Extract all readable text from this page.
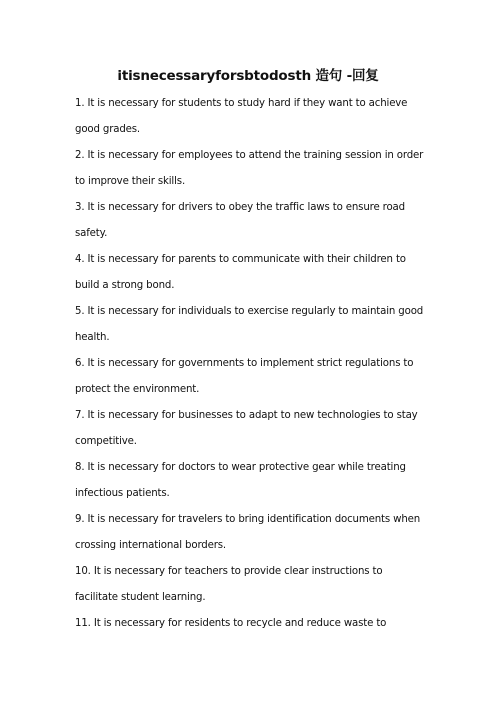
itisnecessaryforsbtodosth 造句 -回复
1. It is necessary for students to study hard if they want to achieve good grades.
2. It is necessary for employees to attend the training session in order to improve their skills.
3. It is necessary for drivers to obey the traffic laws to ensure road safety.
4. It is necessary for parents to communicate with their children to build a strong bond.
5. It is necessary for individuals to exercise regularly to maintain good health.
6. It is necessary for governments to implement strict regulations to protect the environment.
7. It is necessary for businesses to adapt to new technologies to stay competitive.
8. It is necessary for doctors to wear protective gear while treating infectious patients.
9. It is necessary for travelers to bring identification documents when crossing international borders.
10. It is necessary for teachers to provide clear instructions to facilitate student learning.
11. It is necessary for residents to recycle and reduce waste to
